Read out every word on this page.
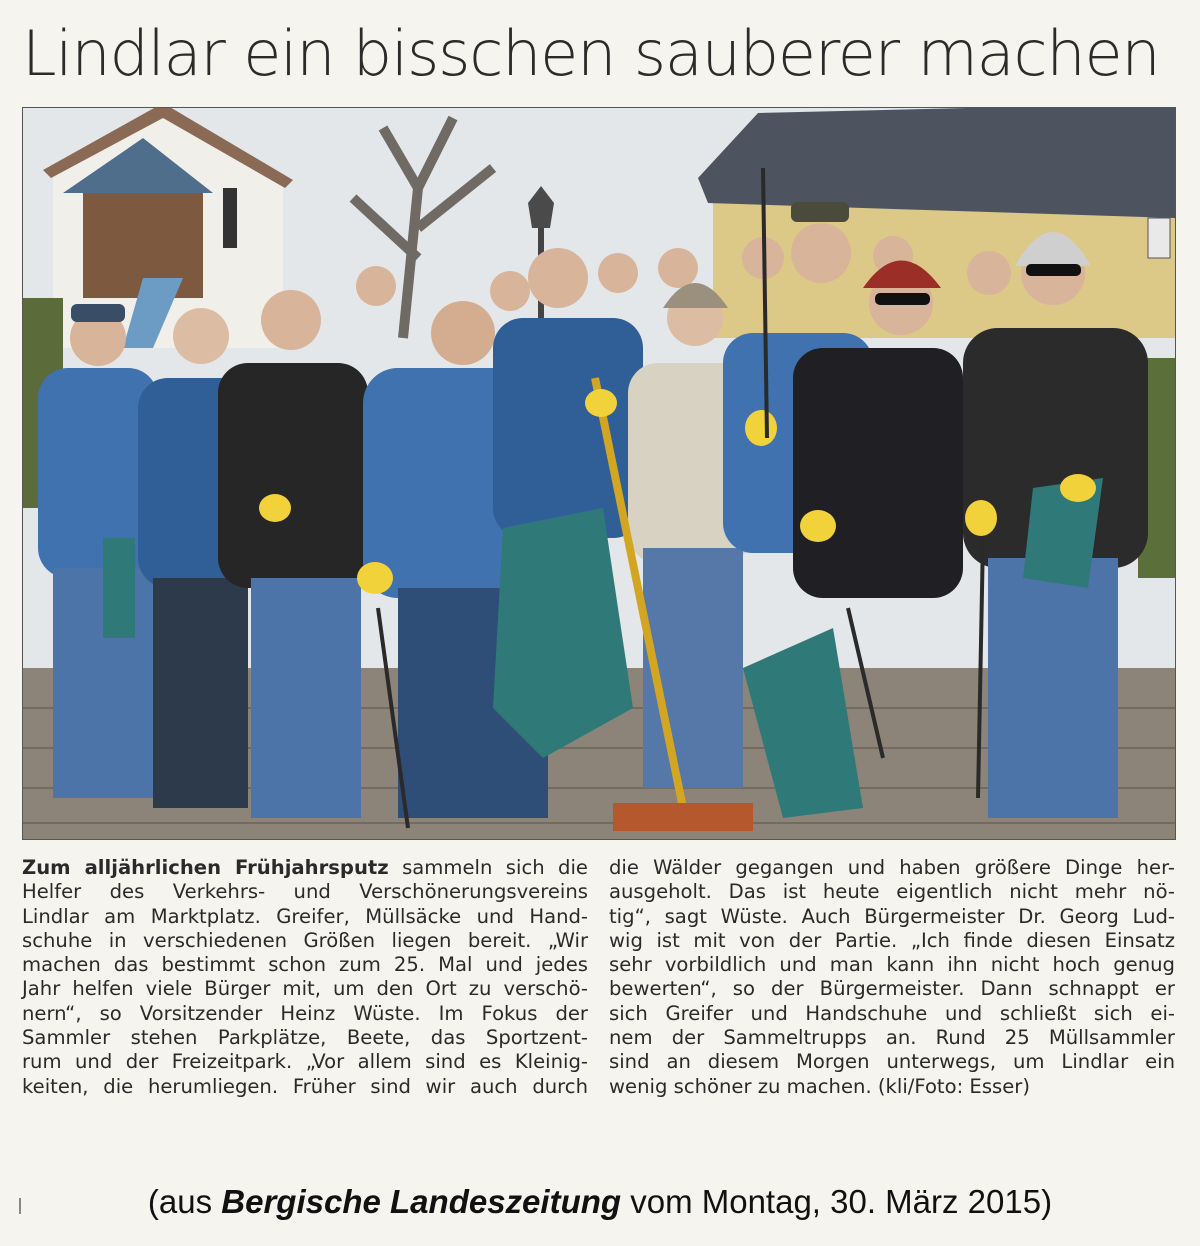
Lindlar ein bisschen sauberer machen
Zum alljährlichen Frühjahrsputz sammeln sich die
Helfer des Verkehrs- und Verschönerungsvereins
Lindlar am Marktplatz. Greifer, Müllsäcke und Hand-
schuhe in verschiedenen Größen liegen bereit. „Wir
machen das bestimmt schon zum 25. Mal und jedes
Jahr helfen viele Bürger mit, um den Ort zu verschö-
nern“, so Vorsitzender Heinz Wüste. Im Fokus der
Sammler stehen Parkplätze, Beete, das Sportzent-
rum und der Freizeitpark. „Vor allem sind es Kleinig-
keiten, die herumliegen. Früher sind wir auch durch
die Wälder gegangen und haben größere Dinge her-
ausgeholt. Das ist heute eigentlich nicht mehr nö-
tig“, sagt Wüste. Auch Bürgermeister Dr. Georg Lud-
wig ist mit von der Partie. „Ich finde diesen Einsatz
sehr vorbildlich und man kann ihn nicht hoch genug
bewerten“, so der Bürgermeister. Dann schnappt er
sich Greifer und Handschuhe und schließt sich ei-
nem der Sammeltrupps an. Rund 25 Müllsammler
sind an diesem Morgen unterwegs, um Lindlar ein
wenig schöner zu machen. (kli/Foto: Esser)
(aus Bergische Landeszeitung vom Montag, 30. März 2015)
